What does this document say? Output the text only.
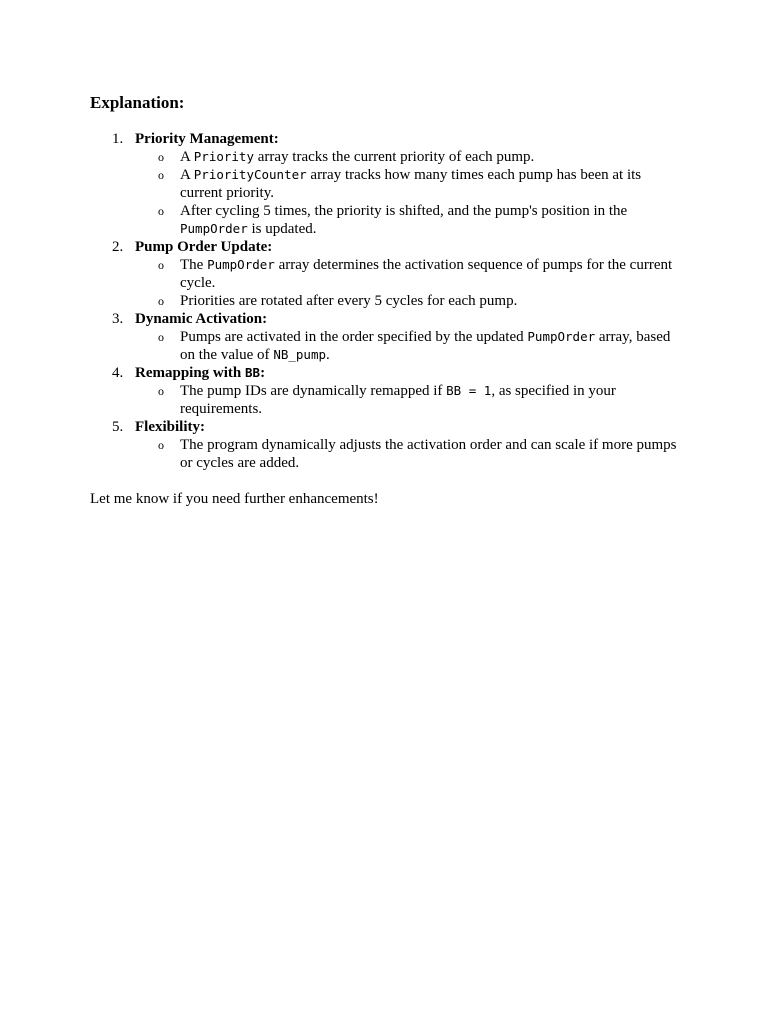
Explanation:
1. Priority Management:
o A Priority array tracks the current priority of each pump.
o A PriorityCounter array tracks how many times each pump has been at its current priority.
o After cycling 5 times, the priority is shifted, and the pump's position in the PumpOrder is updated.
2. Pump Order Update:
o The PumpOrder array determines the activation sequence of pumps for the current cycle.
o Priorities are rotated after every 5 cycles for each pump.
3. Dynamic Activation:
o Pumps are activated in the order specified by the updated PumpOrder array, based on the value of NB_pump.
4. Remapping with BB:
o The pump IDs are dynamically remapped if BB = 1, as specified in your requirements.
5. Flexibility:
o The program dynamically adjusts the activation order and can scale if more pumps or cycles are added.

Let me know if you need further enhancements!
